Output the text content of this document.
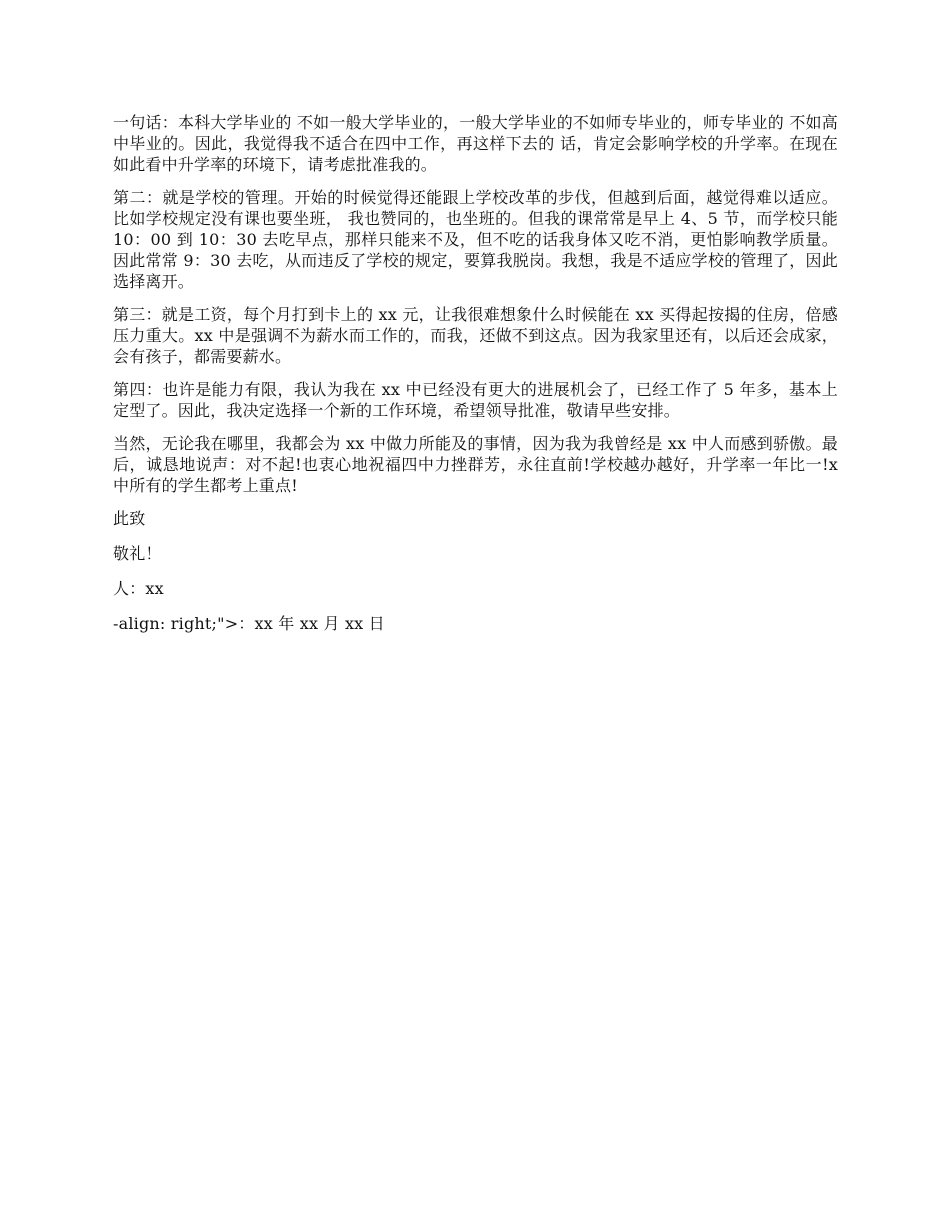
一句话：本科大学毕业的 不如一般大学毕业的，一般大学毕业的不如师专毕业的，师专毕业的 不如高中毕业的。因此，我觉得我不适合在四中工作，再这样下去的 话，肯定会影响学校的升学率。在现在如此看中升学率的环境下，请考虑批准我的。

第二：就是学校的管理。开始的时候觉得还能跟上学校改革的步伐，但越到后面，越觉得难以适应。比如学校规定没有课也要坐班， 我也赞同的，也坐班的。但我的课常常是早上 4、5 节，而学校只能 10：00 到 10：30 去吃早点，那样只能来不及，但不吃的话我身体又吃不消，更怕影响教学质量。因此常常 9：30 去吃，从而违反了学校的规定，要算我脱岗。我想，我是不适应学校的管理了，因此选择离开。

第三：就是工资，每个月打到卡上的 xx 元，让我很难想象什么时候能在 xx 买得起按揭的住房，倍感压力重大。xx 中是强调不为薪水而工作的，而我，还做不到这点。因为我家里还有，以后还会成家，会有孩子，都需要薪水。

第四：也许是能力有限，我认为我在 xx 中已经没有更大的进展机会了，已经工作了 5 年多，基本上定型了。因此，我决定选择一个新的工作环境，希望领导批准，敬请早些安排。

当然，无论我在哪里，我都会为 xx 中做力所能及的事情，因为我为我曾经是 xx 中人而感到骄傲。最后，诚恳地说声：对不起!也衷心地祝福四中力挫群芳，永往直前!学校越办越好，升学率一年比一!x 中所有的学生都考上重点!

此致

敬礼！

人：xx

-align: right;">：xx 年 xx 月 xx 日
